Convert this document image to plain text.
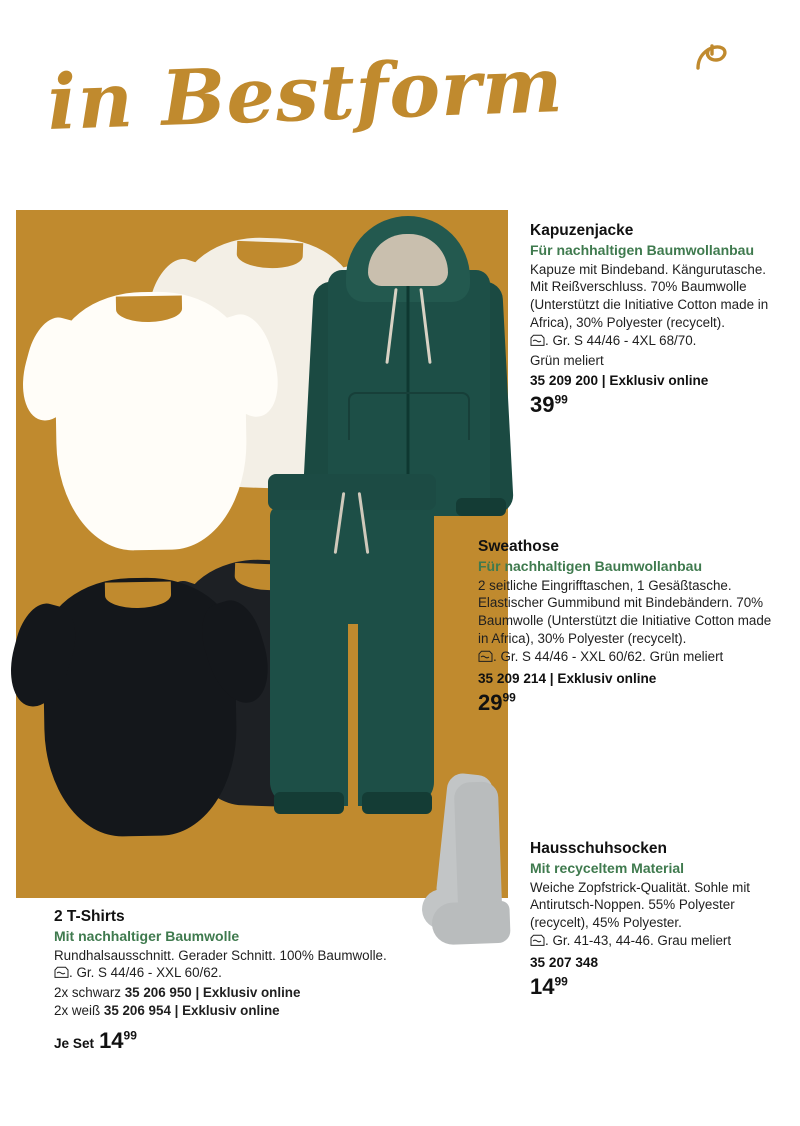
in Bestform
Kapuzenjacke
Für nachhaltigen Baumwollanbau
Kapuze mit Bindeband. Kängurutasche. Mit Reißverschluss. 70% Baumwolle (Unterstützt die Initiative Cotton made in Africa), 30% Polyester (recycelt).
. Gr. S 44/46 - 4XL 68/70.
Grün meliert
35 209 200 | Exklusiv online
$39^{99}$
Sweathose
Für nachhaltigen Baumwollanbau
2 seitliche Eingrifftaschen, 1 Gesäßtasche. Elastischer Gummibund mit Bindebändern. 70% Baumwolle (Unterstützt die Initiative Cotton made in Africa), 30% Polyester (recycelt).
. Gr. S 44/46 - XXL 60/62. Grün meliert
35 209 214 | Exklusiv online
$29^{99}$
Hausschuhsocken
Mit recyceltem Material
Weiche Zopfstrick-Qualität. Sohle mit Antirutsch-Noppen. 55% Polyester (recycelt), 45% Polyester.
. Gr. 41-43, 44-46. Grau meliert
35 207 348
$14^{99}$
2 T-Shirts
Mit nachhaltiger Baumwolle
Rundhalsausschnitt. Gerader Schnitt. 100% Baumwolle.
. Gr. S 44/46 - XXL 60/62.
2x schwarz 35 206 950 | Exklusiv online
2x weiß 35 206 954 | Exklusiv online
Je Set $14^{99}$
